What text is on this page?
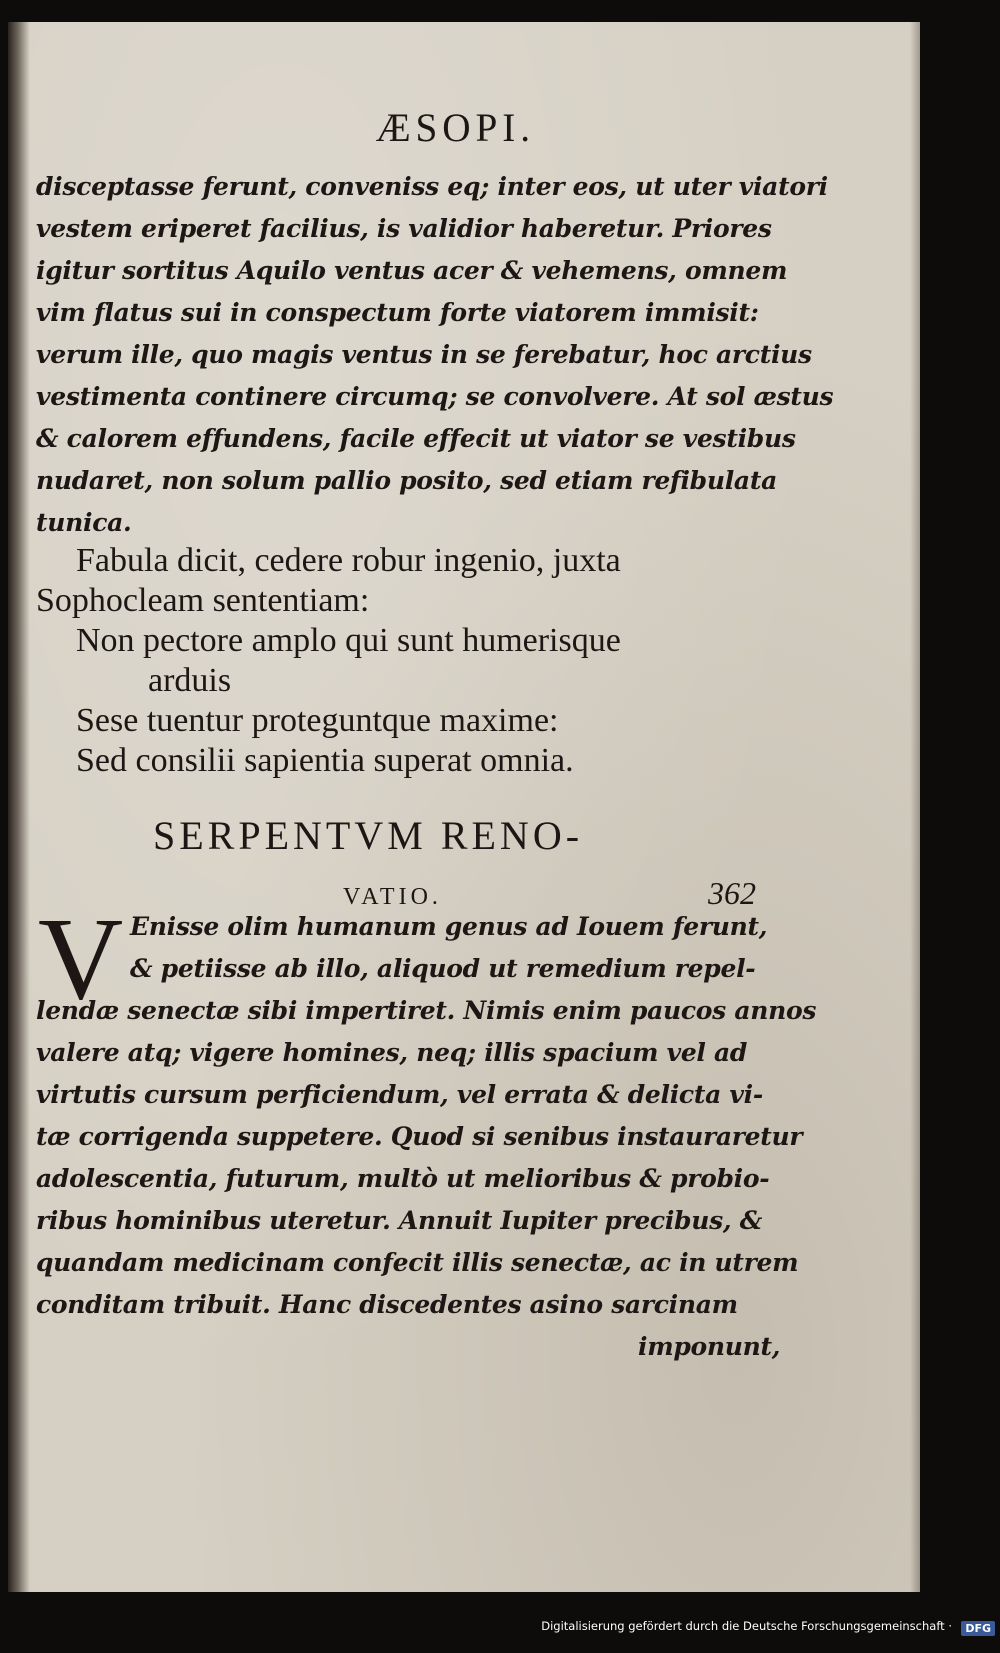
ÆSOPI.
disceptasse ferunt, conveniss eq; inter eos, ut uter viatori
vestem eriperet facilius, is validior haberetur. Priores
igitur sortitus Aquilo ventus acer & vehemens, omnem
vim flatus sui in conspectum forte viatorem immisit:
verum ille, quo magis ventus in se ferebatur, hoc arctius
vestimenta continere circumq; se convolvere. At sol æstus
& calorem effundens, facile effecit ut viator se vestibus
nudaret, non solum pallio posito, sed etiam refibulata
tunica.
Fabula dicit, cedere robur ingenio, juxta
Sophocleam sententiam:
Non pectore amplo qui sunt humerisque
arduis
Sese tuentur proteguntque maxime:
Sed consilii sapientia superat omnia.
SERPENTVM RENO-
VATIO.	362
V Enisse olim humanum genus ad Iouem ferunt,
& petiisse ab illo, aliquod ut remedium repel-
lendæ senectæ sibi impertiret. Nimis enim paucos annos
valere atq; vigere homines, neq; illis spacium vel ad
virtutis cursum perficiendum, vel errata & delicta vi-
tæ corrigenda suppetere. Quod si senibus instauraretur
adolescentia, futurum, multò ut melioribus & probio-
ribus hominibus uteretur. Annuit Iupiter precibus, &
quandam medicinam confecit illis senectæ, ac in utrem
conditam tribuit. Hanc discedentes asino sarcinam
imponunt,
Digitalisierung gefördert durch die Deutsche Forschungsgemeinschaft ·	DFG
